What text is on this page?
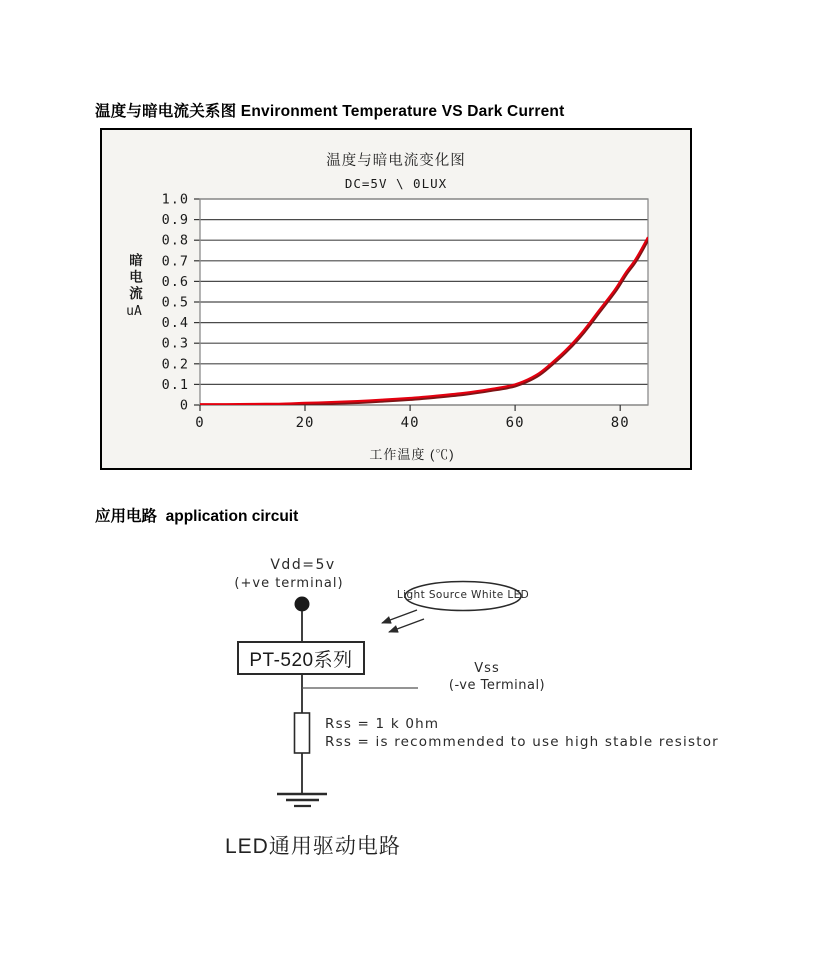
温度与暗电流关系图 Environment Temperature VS Dark Current
温度与暗电流变化图
DC=5V \ 0LUX
1.0
0.9
0.8
0.7
0.6
0.5
0.4
0.3
0.2
0.1
0
0	20	40	60	80
暗电流
uA
工作温度 (℃)
应用电路  application circuit
Vdd=5v
(+ve terminal)
Light Source White LED
PT-520系列	Vss
(-ve Terminal)
Rss = 1 k 0hm
Rss = is recommended to use high stable resistor
LED通用驱动电路
